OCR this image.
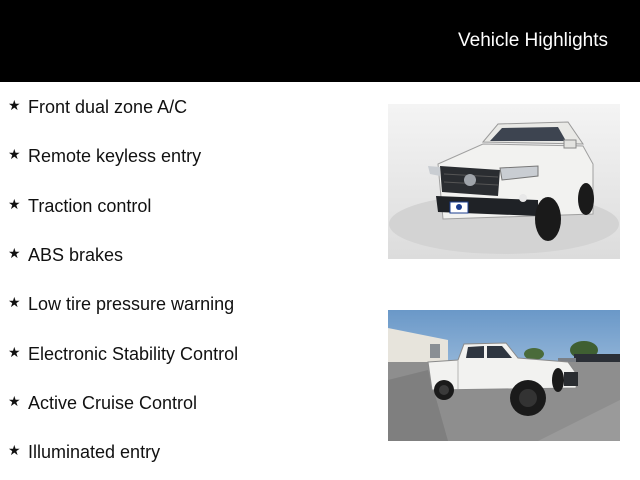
Vehicle Highlights
★ Front dual zone A/C
★ Remote keyless entry
★ Traction control
★ ABS brakes
★ Low tire pressure warning
★ Electronic Stability Control
★ Active Cruise Control
★ Illuminated entry
